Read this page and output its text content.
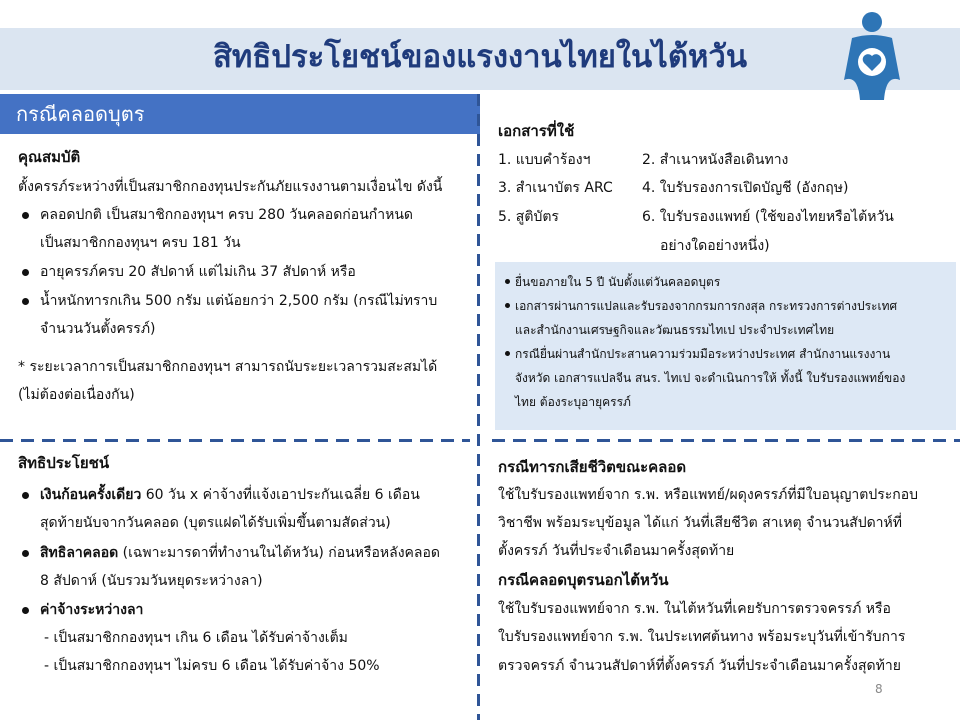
สิทธิประโยชน์ของแรงงานไทยในไต้หวัน
กรณีคลอดบุตร
คุณสมบัติ
ตั้งครรภ์ระหว่างที่เป็นสมาชิกกองทุนประกันภัยแรงงานตามเงื่อนไข ดังนี้
คลอดปกติ เป็นสมาชิกกองทุนฯ ครบ 280 วันคลอดก่อนกำหนด
เป็นสมาชิกกองทุนฯ ครบ 181 วัน
อายุครรภ์ครบ 20 สัปดาห์ แต่ไม่เกิน 37 สัปดาห์ หรือ
น้ำหนักทารกเกิน 500 กรัม แต่น้อยกว่า 2,500 กรัม (กรณีไม่ทราบ
จำนวนวันตั้งครรภ์)
* ระยะเวลาการเป็นสมาชิกกองทุนฯ สามารถนับระยะเวลารวมสะสมได้
(ไม่ต้องต่อเนื่องกัน)
เอกสารที่ใช้
1. แบบคำร้องฯ
3. สำเนาบัตร ARC
5. สูติบัตร
2. สำเนาหนังสือเดินทาง
4. ใบรับรองการเปิดบัญชี (อังกฤษ)
6. ใบรับรองแพทย์ (ใช้ของไทยหรือไต้หวัน
อย่างใดอย่างหนึ่ง)
ยื่นขอภายใน 5 ปี นับตั้งแต่วันคลอดบุตร
เอกสารผ่านการแปลและรับรองจากกรมการกงสุล กระทรวงการต่างประเทศ
และสำนักงานเศรษฐกิจและวัฒนธรรมไทเป ประจำประเทศไทย
กรณียื่นผ่านสำนักประสานความร่วมมือระหว่างประเทศ สำนักงานแรงงาน
จังหวัด เอกสารแปลจีน สนร. ไทเป จะดำเนินการให้ ทั้งนี้ ใบรับรองแพทย์ของ
ไทย ต้องระบุอายุครรภ์
สิทธิประโยชน์
เงินก้อนครั้งเดียว 60 วัน x ค่าจ้างที่แจ้งเอาประกันเฉลี่ย 6 เดือน
สุดท้ายนับจากวันคลอด (บุตรแฝดได้รับเพิ่มขึ้นตามสัดส่วน)
สิทธิลาคลอด (เฉพาะมารดาที่ทำงานในไต้หวัน) ก่อนหรือหลังคลอด
8 สัปดาห์ (นับรวมวันหยุดระหว่างลา)
ค่าจ้างระหว่างลา
- เป็นสมาชิกกองทุนฯ เกิน 6 เดือน ได้รับค่าจ้างเต็ม
- เป็นสมาชิกกองทุนฯ ไม่ครบ 6 เดือน ได้รับค่าจ้าง 50%
กรณีทารกเสียชีวิตขณะคลอด
ใช้ใบรับรองแพทย์จาก ร.พ. หรือแพทย์/ผดุงครรภ์ที่มีใบอนุญาตประกอบ
วิชาชีพ พร้อมระบุข้อมูล ได้แก่ วันที่เสียชีวิต สาเหตุ จำนวนสัปดาห์ที่
ตั้งครรภ์ วันที่ประจำเดือนมาครั้งสุดท้าย
กรณีคลอดบุตรนอกไต้หวัน
ใช้ใบรับรองแพทย์จาก ร.พ. ในไต้หวันที่เคยรับการตรวจครรภ์ หรือ
ใบรับรองแพทย์จาก ร.พ. ในประเทศต้นทาง พร้อมระบุวันที่เข้ารับการ
ตรวจครรภ์ จำนวนสัปดาห์ที่ตั้งครรภ์ วันที่ประจำเดือนมาครั้งสุดท้าย
8
